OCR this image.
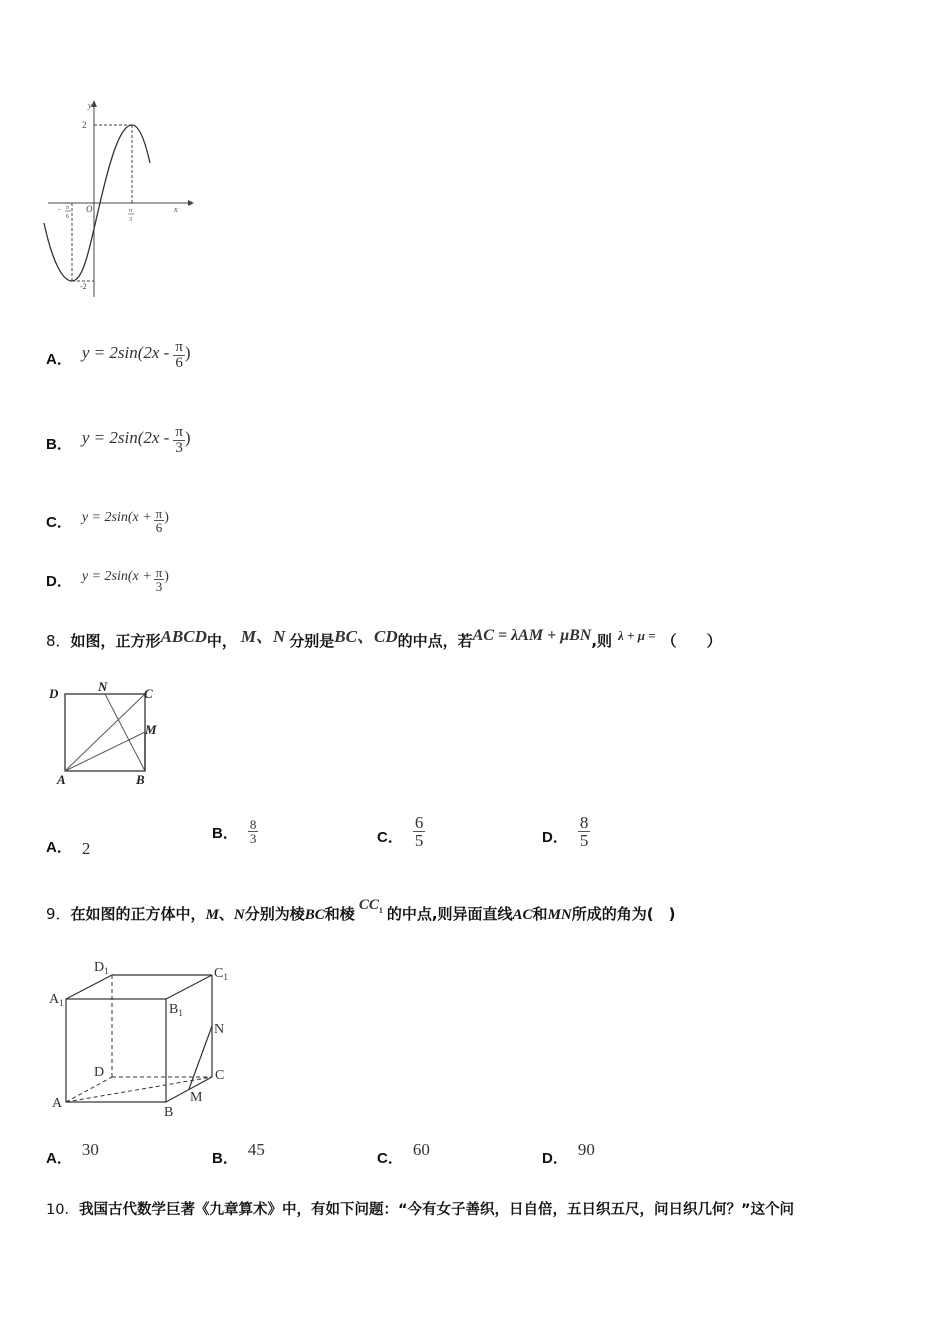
y
x
O
2
-2
- π
6
π
3
A． $y = 2\sin(2x - \frac{\pi}{6}$ )
B． $y = 2\sin(2x - \frac{\pi}{3}$ )
C． $y = 2\sin(x + \frac{\pi}{6}$ )
D． $y = 2\sin(x + \frac{\pi}{3}$ )
8．如图，正方形ABCD中， M、N 分别是BC、CD的中点，若AC = λAM + μBN,则 λ + μ = （　　）
D	N	C
M
A	B
A． 2
B． $\frac{8}{3}$	C． $\frac{6}{5}$	D． $\frac{8}{5}$
9．在如图的正方体中，M、N分别为棱BC和棱 $CC_1$ 的中点,则异面直线AC和MN所成的角为(　)
$D_1$	$C_1$
$A_1$	$B_1$
N
D	C
A
B
M
A． 30	B． 45	C． 60	D． 90
10．我国古代数学巨著《九章算术》中，有如下问题：“今有女子善织，日自倍，五日织五尺，问日织几何？”这个问
